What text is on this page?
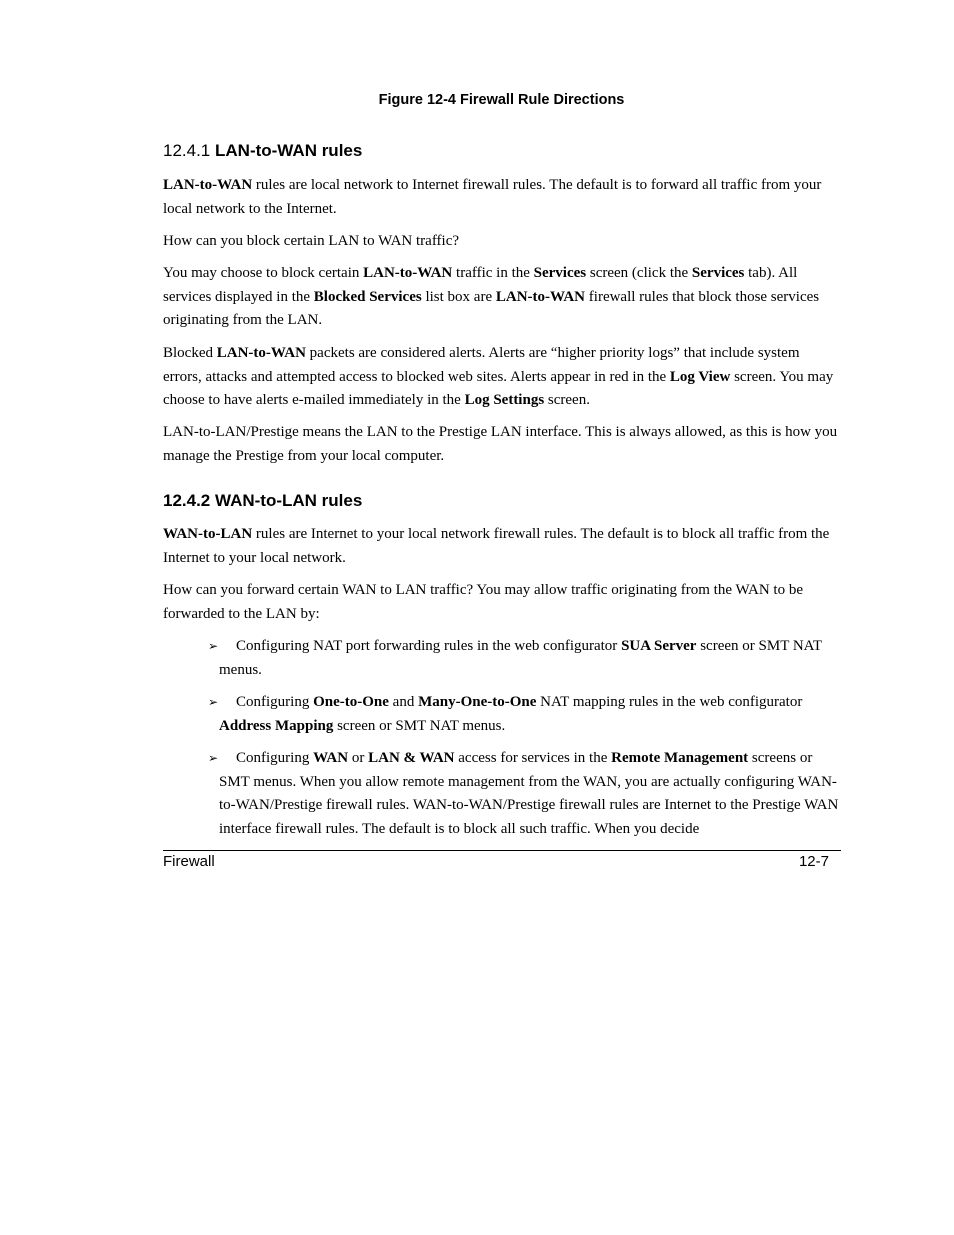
Figure 12-4 Firewall Rule Directions

12.4.1 LAN-to-WAN rules

LAN-to-WAN rules are local network to Internet firewall rules. The default is to forward all traffic from your local network to the Internet.

How can you block certain LAN to WAN traffic?

You may choose to block certain LAN-to-WAN traffic in the Services screen (click the Services tab). All services displayed in the Blocked Services list box are LAN-to-WAN firewall rules that block those services originating from the LAN.

Blocked LAN-to-WAN packets are considered alerts. Alerts are “higher priority logs” that include system errors, attacks and attempted access to blocked web sites. Alerts appear in red in the Log View screen. You may choose to have alerts e-mailed immediately in the Log Settings screen.

LAN-to-LAN/Prestige means the LAN to the Prestige LAN interface. This is always allowed, as this is how you manage the Prestige from your local computer.

12.4.2 WAN-to-LAN rules

WAN-to-LAN rules are Internet to your local network firewall rules. The default is to block all traffic from the Internet to your local network.

How can you forward certain WAN to LAN traffic? You may allow traffic originating from the WAN to be forwarded to the LAN by:

➢ Configuring NAT port forwarding rules in the web configurator SUA Server screen or SMT NAT menus.

➢ Configuring One-to-One and Many-One-to-One NAT mapping rules in the web configurator Address Mapping screen or SMT NAT menus.

➢ Configuring WAN or LAN & WAN access for services in the Remote Management screens or SMT menus. When you allow remote management from the WAN, you are actually configuring WAN-to-WAN/Prestige firewall rules. WAN-to-WAN/Prestige firewall rules are Internet to the Prestige WAN interface firewall rules. The default is to block all such traffic. When you decide

Firewall	12-7
